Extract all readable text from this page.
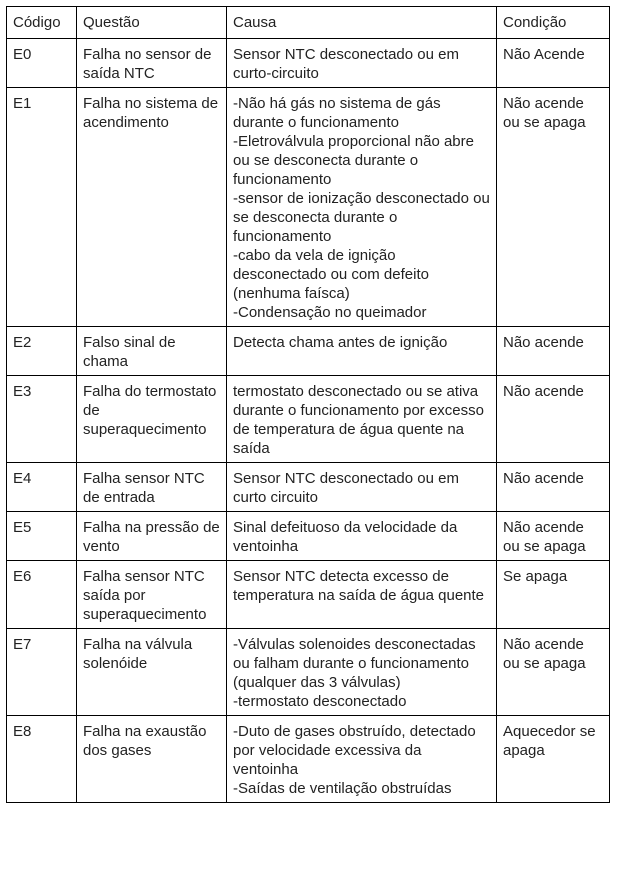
Código	Questão	Causa	Condição
E0	Falha no sensor de saída NTC	Sensor NTC desconectado ou em curto-circuito	Não Acende
E1	Falha no sistema de acendimento	-Não há gás no sistema de gás durante o funcionamento
-Eletroválvula proporcional não abre ou se desconecta durante o funcionamento
-sensor de ionização desconectado ou se desconecta durante o funcionamento
-cabo da vela de ignição desconectado ou com defeito (nenhuma faísca)
-Condensação no queimador	Não acende ou se apaga
E2	Falso sinal de chama	Detecta chama antes de ignição	Não acende
E3	Falha do termostato de superaquecimento	termostato desconectado ou se ativa durante o funcionamento por excesso de temperatura de água quente na saída	Não acende
E4	Falha sensor NTC de entrada	Sensor NTC desconectado ou em curto circuito	Não acende
E5	Falha na pressão de vento	Sinal defeituoso da velocidade da ventoinha	Não acende ou se apaga
E6	Falha sensor NTC saída por superaquecimento	Sensor NTC detecta excesso de temperatura na saída de água quente	Se apaga
E7	Falha na válvula solenóide	-Válvulas solenoides desconectadas ou falham durante o funcionamento (qualquer das 3 válvulas)
-termostato desconectado	Não acende ou se apaga
E8	Falha na exaustão dos gases	-Duto de gases obstruído, detectado por velocidade excessiva da ventoinha
-Saídas de ventilação obstruídas	Aquecedor se apaga
